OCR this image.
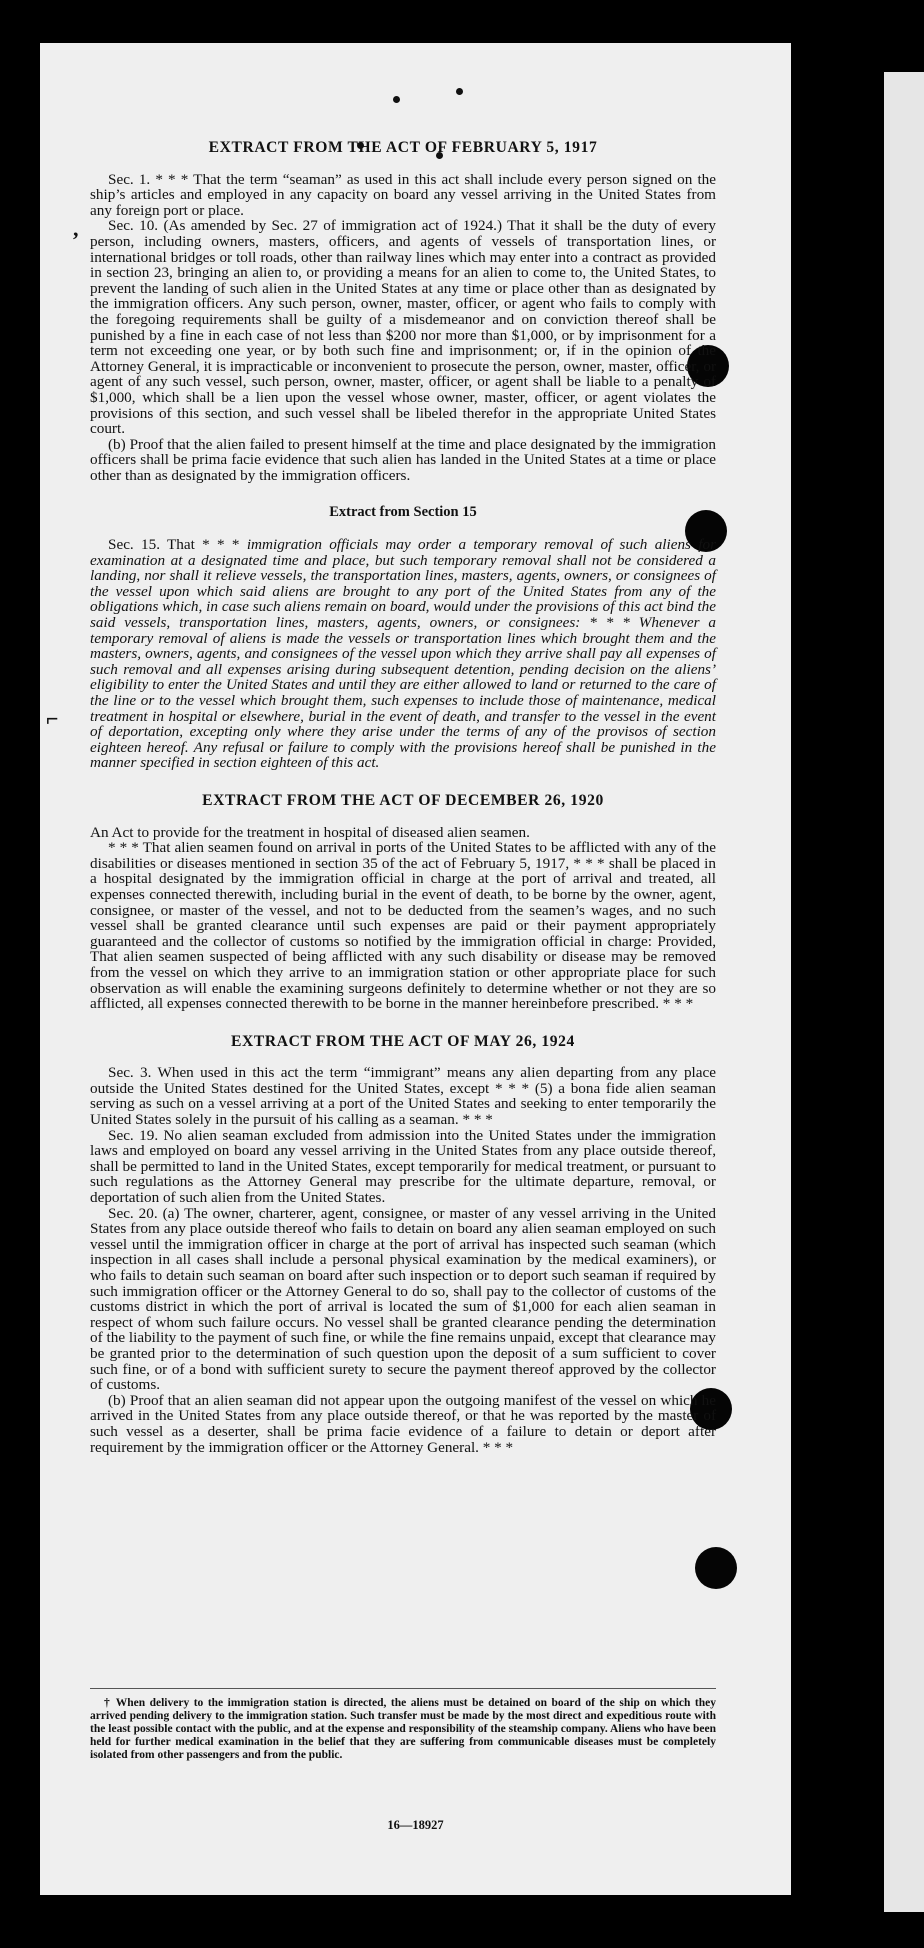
,
⌐
EXTRACT FROM THE ACT OF FEBRUARY 5, 1917

Sec. 1. * * * That the term “seaman” as used in this act shall include every person signed on the ship’s articles and employed in any capacity on board any vessel arriving in the United States from any foreign port or place.

Sec. 10. (As amended by Sec. 27 of immigration act of 1924.) That it shall be the duty of every person, including owners, masters, officers, and agents of vessels of transportation lines, or international bridges or toll roads, other than railway lines which may enter into a contract as provided in section 23, bringing an alien to, or providing a means for an alien to come to, the United States, to prevent the landing of such alien in the United States at any time or place other than as designated by the immigration officers. Any such person, owner, master, officer, or agent who fails to comply with the foregoing requirements shall be guilty of a misdemeanor and on conviction thereof shall be punished by a fine in each case of not less than $200 nor more than $1,000, or by imprisonment for a term not exceeding one year, or by both such fine and imprisonment; or, if in the opinion of the Attorney General, it is impracticable or inconvenient to prosecute the person, owner, master, officer, or agent of any such vessel, such person, owner, master, officer, or agent shall be liable to a penalty of $1,000, which shall be a lien upon the vessel whose owner, master, officer, or agent violates the provisions of this section, and such vessel shall be libeled therefor in the appropriate United States court.

(b) Proof that the alien failed to present himself at the time and place designated by the immigration officers shall be prima facie evidence that such alien has landed in the United States at a time or place other than as designated by the immigration officers.

Extract from Section 15

Sec. 15. That * * * immigration officials may order a temporary removal of such aliens for examination at a designated time and place, but such temporary removal shall not be considered a landing, nor shall it relieve vessels, the transportation lines, masters, agents, owners, or consignees of the vessel upon which said aliens are brought to any port of the United States from any of the obligations which, in case such aliens remain on board, would under the provisions of this act bind the said vessels, transportation lines, masters, agents, owners, or consignees: * * * Whenever a temporary removal of aliens is made the vessels or transportation lines which brought them and the masters, owners, agents, and consignees of the vessel upon which they arrive shall pay all expenses of such removal and all expenses arising during subsequent detention, pending decision on the aliens’ eligibility to enter the United States and until they are either allowed to land or returned to the care of the line or to the vessel which brought them, such expenses to include those of maintenance, medical treatment in hospital or elsewhere, burial in the event of death, and transfer to the vessel in the event of deportation, excepting only where they arise under the terms of any of the provisos of section eighteen hereof. Any refusal or failure to comply with the provisions hereof shall be punished in the manner specified in section eighteen of this act.

EXTRACT FROM THE ACT OF DECEMBER 26, 1920

An Act to provide for the treatment in hospital of diseased alien seamen.

* * * That alien seamen found on arrival in ports of the United States to be afflicted with any of the disabilities or diseases mentioned in section 35 of the act of February 5, 1917, * * * shall be placed in a hospital designated by the immigration official in charge at the port of arrival and treated, all expenses connected therewith, including burial in the event of death, to be borne by the owner, agent, consignee, or master of the vessel, and not to be deducted from the seamen’s wages, and no such vessel shall be granted clearance until such expenses are paid or their payment appropriately guaranteed and the collector of customs so notified by the immigration official in charge: Provided, That alien seamen suspected of being afflicted with any such disability or disease may be removed from the vessel on which they arrive to an immigration station or other appropriate place for such observation as will enable the examining surgeons definitely to determine whether or not they are so afflicted, all expenses connected therewith to be borne in the manner hereinbefore prescribed. * * *

EXTRACT FROM THE ACT OF MAY 26, 1924

Sec. 3. When used in this act the term “immigrant” means any alien departing from any place outside the United States destined for the United States, except * * * (5) a bona fide alien seaman serving as such on a vessel arriving at a port of the United States and seeking to enter temporarily the United States solely in the pursuit of his calling as a seaman. * * *

Sec. 19. No alien seaman excluded from admission into the United States under the immigration laws and employed on board any vessel arriving in the United States from any place outside thereof, shall be permitted to land in the United States, except temporarily for medical treatment, or pursuant to such regulations as the Attorney General may prescribe for the ultimate departure, removal, or deportation of such alien from the United States.

Sec. 20. (a) The owner, charterer, agent, consignee, or master of any vessel arriving in the United States from any place outside thereof who fails to detain on board any alien seaman employed on such vessel until the immigration officer in charge at the port of arrival has inspected such seaman (which inspection in all cases shall include a personal physical examination by the medical examiners), or who fails to detain such seaman on board after such inspection or to deport such seaman if required by such immigration officer or the Attorney General to do so, shall pay to the collector of customs of the customs district in which the port of arrival is located the sum of $1,000 for each alien seaman in respect of whom such failure occurs. No vessel shall be granted clearance pending the determination of the liability to the payment of such fine, or while the fine remains unpaid, except that clearance may be granted prior to the determination of such question upon the deposit of a sum sufficient to cover such fine, or of a bond with sufficient surety to secure the payment thereof approved by the collector of customs.

(b) Proof that an alien seaman did not appear upon the outgoing manifest of the vessel on which he arrived in the United States from any place outside thereof, or that he was reported by the master of such vessel as a deserter, shall be prima facie evidence of a failure to detain or deport after requirement by the immigration officer or the Attorney General. * * *

† When delivery to the immigration station is directed, the aliens must be detained on board of the ship on which they arrived pending delivery to the immigration station. Such transfer must be made by the most direct and expeditious route with the least possible contact with the public, and at the expense and responsibility of the steamship company. Aliens who have been held for further medical examination in the belief that they are suffering from communicable diseases must be completely isolated from other passengers and from the public.
16—18927
